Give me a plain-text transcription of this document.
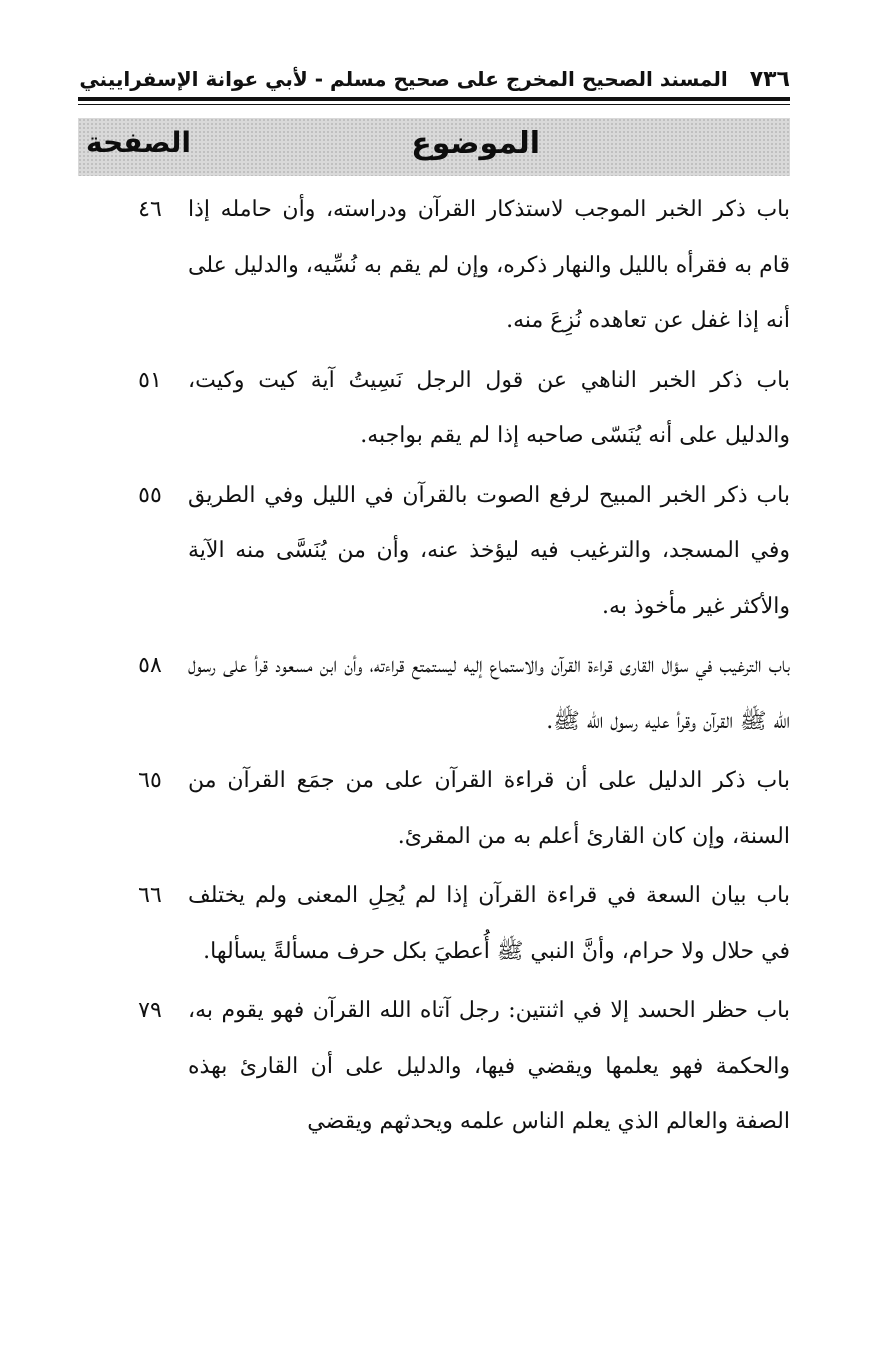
٧٣٦
المسند الصحيح المخرج على صحيح مسلم - لأبي عوانة الإسفراييني
الموضوع
الصفحة
باب ذكر الخبر الموجب لاستذكار القرآن ودراسته، وأن حامله إذا قام به فقرأه بالليل والنهار ذكره، وإن لم يقم به نُسِّيه، والدليل على أنه إذا غفل عن تعاهده نُزِعَ منه.
٤٦
باب ذكر الخبر الناهي عن قول الرجل نَسِيتُ آية كيت وكيت، والدليل على أنه يُنَسّى صاحبه إذا لم يقم بواجبه.
٥١
باب ذكر الخبر المبيح لرفع الصوت بالقرآن في الليل وفي الطريق وفي المسجد، والترغيب فيه ليؤخذ عنه، وأن من يُنَسَّى منه الآية والأكثر غير مأخوذ به.
٥٥
باب الترغيب في سؤال القارى قراءة القرآن والاستماع إليه ليستمتع قراءته، وأن ابن مسعود قرأ على رسول الله ﷺ القرآن وقرأ عليه رسول الله ﷺ.
٥٨
باب ذكر الدليل على أن قراءة القرآن على من جمَع القرآن من السنة، وإن كان القارئ أعلم به من المقرئ.
٦٥
باب بيان السعة في قراءة القرآن إذا لم يُحِلِ المعنى ولم يختلف في حلال ولا حرام، وأنَّ النبي ﷺ أُعطيَ بكل حرف مسألةً يسألها.
٦٦
باب حظر الحسد إلا في اثنتين: رجل آتاه الله القرآن فهو يقوم به، والحكمة فهو يعلمها ويقضي فيها، والدليل على أن القارئ بهذه الصفة والعالم الذي يعلم الناس علمه ويحدثهم ويقضي
٧٩
